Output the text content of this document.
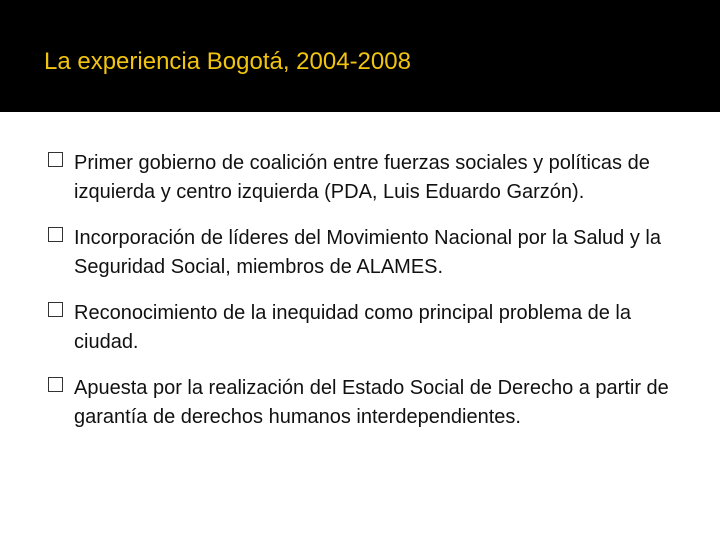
La experiencia Bogotá, 2004-2008
Primer gobierno de coalición entre fuerzas sociales y políticas de izquierda y centro izquierda (PDA, Luis Eduardo Garzón).
Incorporación de líderes del Movimiento Nacional por la Salud y la Seguridad Social, miembros de ALAMES.
Reconocimiento de la inequidad como principal problema de la ciudad.
Apuesta por la realización del Estado Social de Derecho a partir de garantía de derechos humanos interdependientes.
